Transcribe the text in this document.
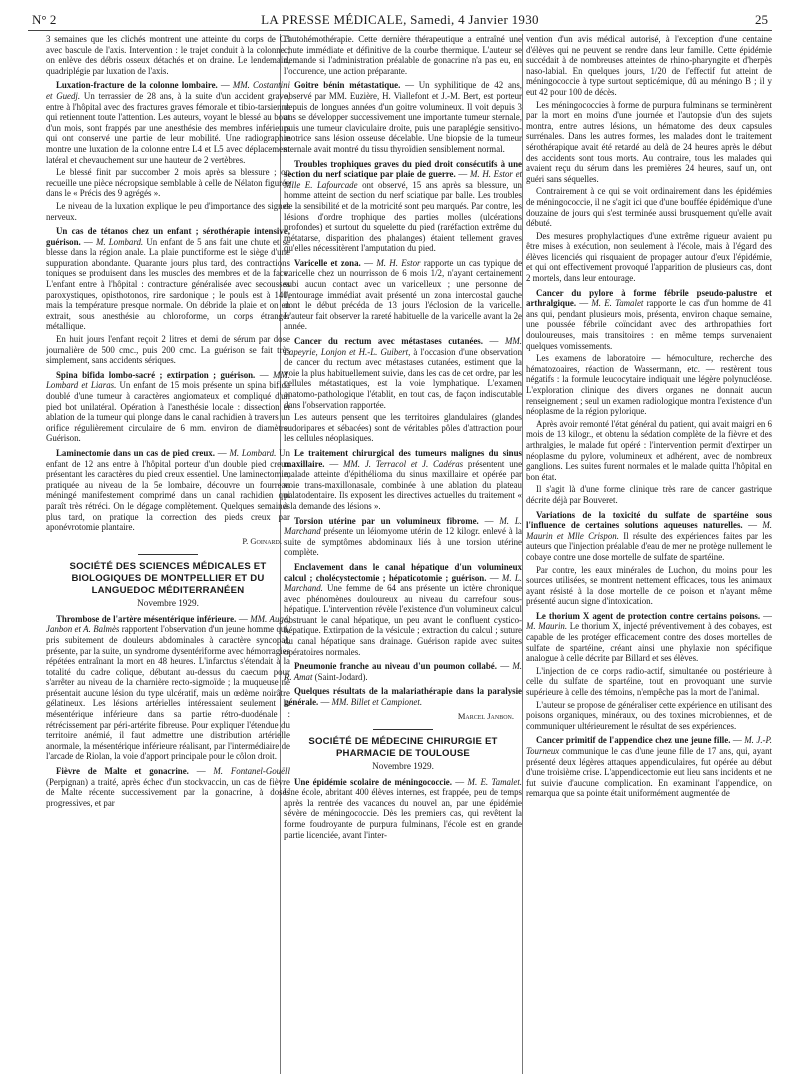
N° 2	LA PRESSE MÉDICALE, Samedi, 4 Janvier 1930	25

3 semaines que les clichés montrent une atteinte du corps de C3 avec bascule de l'axis. Intervention : le trajet conduit à la colonne ; on enlève des débris osseux détachés et on draine. Le lendemain, quadriplégie par luxation de l'axis.

Luxation-fracture de la colonne lombaire. — MM. Costantini et Guedj. Un terrassier de 28 ans, à la suite d'un accident grave, entre à l'hôpital avec des fractures graves fémorale et tibio-tarsienne qui retiennent toute l'attention. Les auteurs, voyant le blessé au bout d'un mois, sont frappés par une anesthésie des membres inférieurs qui ont conservé une partie de leur mobilité. Une radiographie montre une luxation de la colonne entre L4 et L5 avec déplacement latéral et chevauchement sur une hauteur de 2 vertèbres.

Le blessé finit par succomber 2 mois après sa blessure ; on recueille une pièce nécropsique semblable à celle de Nélaton figurée dans le « Précis des 9 agrégés ».

Le niveau de la luxation explique le peu d'importance des signes nerveux.

Un cas de tétanos chez un enfant ; sérothérapie intensive, guérison. — M. Lombard. Un enfant de 5 ans fait une chute et se blesse dans la région anale. La plaie punctiforme est le siège d'une suppuration abondante. Quarante jours plus tard, des contractions toniques se produisent dans les muscles des membres et de la face. L'enfant entre à l'hôpital : contracture généralisée avec secousses paroxystiques, opisthotonos, rire sardonique ; le pouls est à 140, mais la température presque normale. On débride la plaie et on en extrait, sous anesthésie au chloroforme, un corps étranger métallique.

En huit jours l'enfant reçoit 2 litres et demi de sérum par dose journalière de 500 cmc., puis 200 cmc. La guérison se fait très simplement, sans accidents sériques.

Spina bifida lombo-sacré ; extirpation ; guérison. — MM. Lombard et Liaras. Un enfant de 15 mois présente un spina bifida doublé d'une tumeur à caractères angiomateux et compliqué d'un pied bot unilatéral. Opération à l'anesthésie locale : dissection et ablation de la tumeur qui plonge dans le canal rachidien à travers un orifice régulièrement circulaire de 6 mm. environ de diamètre. Guérison.

Laminectomie dans un cas de pied creux. — M. Lombard. Un enfant de 12 ans entre à l'hôpital porteur d'un double pied creux présentant les caractères du pied creux essentiel. Une laminectomie, pratiquée au niveau de la 5e lombaire, découvre un fourreau méningé manifestement comprimé dans un canal rachidien qui paraît très rétréci. On le dégage complètement. Quelques semaines plus tard, on pratique la correction des pieds creux par aponévrotomie plantaire.

P. Goinard.
SOCIÉTÉ DES SCIENCES MÉDICALES ET BIOLOGIQUES DE MONTPELLIER ET DU LANGUEDOC MÉDITERRANÉEN
Novembre 1929.

Thrombose de l'artère mésentérique inférieure. — MM. Augé, Janbon et A. Balmès rapportent l'observation d'un jeune homme qui, pris subitement de douleurs abdominales à caractère syncopal, présente, par la suite, un syndrome dysentériforme avec hémorragies répétées entraînant la mort en 48 heures. L'infarctus s'étendait à la totalité du cadre colique, débutant au-dessus du caecum pour s'arrêter au niveau de la charnière recto-sigmoïde ; la muqueuse ne présentait aucune lésion du type ulcératif, mais un œdème noirâtre gélatineux. Les lésions artérielles intéressaient seulement la mésentérique inférieure dans sa partie rétro-duodénale : rétrécissement par péri-artérite fibreuse. Pour expliquer l'étendue du territoire anémié, il faut admettre une distribution artérielle anormale, la mésentérique inférieure réalisant, par l'intermédiaire de l'arcade de Riolan, la voie d'apport principale pour le côlon droit.

Fièvre de Malte et gonacrine. — M. Fontanel-Gouëll (Perpignan) a traité, après échec d'un stockvaccin, un cas de fièvre de Malte récente successivement par la gonacrine, à doses progressives, et par

l'autohémothérapie. Cette dernière thérapeutique a entraîné une chute immédiate et définitive de la courbe thermique. L'auteur se demande si l'administration préalable de gonacrine n'a pas eu, en l'occurence, une action préparante.

Goitre bénin métastatique. — Un syphilitique de 42 ans, observé par MM. Euzière, H. Viallefont et J.-M. Bert, est porteur depuis de longues années d'un goitre volumineux. Il voit depuis 3 ans se développer successivement une importante tumeur sternale, puis une tumeur claviculaire droite, puis une paraplégie sensitivo-motrice sans lésion osseuse décelable. Une biopsie de la tumeur sternale avait montré du tissu thyroïdien sensiblement normal.

Troubles trophiques graves du pied droit consécutifs à une section du nerf sciatique par plaie de guerre. — M. H. Estor et Mlle E. Lafourcade ont observé, 15 ans après sa blessure, un homme atteint de section du nerf sciatique par balle. Les troubles de la sensibilité et de la motricité sont peu marqués. Par contre, les lésions d'ordre trophique des parties molles (ulcérations profondes) et surtout du squelette du pied (raréfaction extrême du métatarse, disparition des phalanges) étaient tellement graves qu'elles nécessitèrent l'amputation du pied.

Varicelle et zona. — M. H. Estor rapporte un cas typique de varicelle chez un nourrisson de 6 mois 1/2, n'ayant certainement subi aucun contact avec un varicelleux ; une personne de l'entourage immédiat avait présenté un zona intercostal gauche dont le début précéda de 13 jours l'éclosion de la varicelle. L'auteur fait observer la rareté habituelle de la varicelle avant la 2e année.

Cancer du rectum avec métastases cutanées. — MM. Lapeyrie, Lonjon et H.-L. Guibert, à l'occasion d'une observation de cancer du rectum avec métastases cutanées, estiment que la voie la plus habituellement suivie, dans les cas de cet ordre, par les cellules métastatiques, est la voie lymphatique. L'examen anatomo-pathologique l'établit, en tout cas, de façon indiscutable dans l'observation rapportée.

Les auteurs pensent que les territoires glandulaires (glandes sudoripares et sébacées) sont de véritables pôles d'attraction pour les cellules néoplasiques.

Le traitement chirurgical des tumeurs malignes du sinus maxillaire. — MM. J. Terracol et J. Cadéras présentent une malade atteinte d'épithélioma du sinus maxillaire et opérée par voie trans-maxillonasale, combinée à une ablation du plateau palatodentaire. Ils exposent les directives actuelles du traitement « à la demande des lésions ».

Torsion utérine par un volumineux fibrome. — M. L. Marchand présente un léiomyome utérin de 12 kilogr. enlevé à la suite de symptômes abdominaux liés à une torsion utérine complète.

Enclavement dans le canal hépatique d'un volumineux calcul ; cholécystectomie ; hépaticotomie ; guérison. — M. L. Marchand. Une femme de 64 ans présente un ictère chronique avec phénomènes douloureux au niveau du carrefour sous-hépatique. L'intervention révèle l'existence d'un volumineux calcul obstruant le canal hépatique, un peu avant le confluent cystico-hépatique. Extirpation de la vésicule ; extraction du calcul ; suture du canal hépatique sans drainage. Guérison rapide avec suites opératoires normales.

Pneumonie franche au niveau d'un poumon collabé. — M. R. Amat (Saint-Jodard).

Quelques résultats de la malariathérapie dans la paralysie générale. — MM. Billet et Campionet.

Marcel Janbon.
SOCIÉTÉ DE MÉDECINE CHIRURGIE ET PHARMACIE DE TOULOUSE
Novembre 1929.

Une épidémie scolaire de méningococcie. — M. E. Tamalet. Une école, abritant 400 élèves internes, est frappée, peu de temps après la rentrée des vacances du nouvel an, par une épidémie sévère de méningococcie. Dès les premiers cas, qui revêtent la forme foudroyante de purpura fulminans, l'école est en grande partie licenciée, avant l'inter-

vention d'un avis médical autorisé, à l'exception d'une centaine d'élèves qui ne peuvent se rendre dans leur famille. Cette épidémie succédait à de nombreuses atteintes de rhino-pharyngite et d'herpès naso-labial. En quelques jours, 1/20 de l'effectif fut atteint de méningococcie à type surtout septicémique, dû au méningo B ; il y eut 42 pour 100 de décès.

Les méningococcies à forme de purpura fulminans se terminèrent par la mort en moins d'une journée et l'autopsie d'un des sujets montra, entre autres lésions, un hématome des deux capsules surrénales. Dans les autres formes, les malades dont le traitement sérothérapique avait été retardé au delà de 24 heures après le début des accidents sont tous morts. Au contraire, tous les malades qui avaient reçu du sérum dans les premières 24 heures, sauf un, ont guéri sans séquelles.

Contrairement à ce qui se voit ordinairement dans les épidémies de méningococcie, il ne s'agit ici que d'une bouffée épidémique d'une douzaine de jours qui s'est terminée aussi brusquement qu'elle avait débuté.

Des mesures prophylactiques d'une extrême rigueur avaient pu être mises à exécution, non seulement à l'école, mais à l'égard des élèves licenciés qui risquaient de propager autour d'eux l'épidémie, et qui ont effectivement provoqué l'apparition de plusieurs cas, dont 2 mortels, dans leur entourage.

Cancer du pylore à forme fébrile pseudo-palustre et arthralgique. — M. E. Tamalet rapporte le cas d'un homme de 41 ans qui, pendant plusieurs mois, présenta, environ chaque semaine, une poussée fébrile coïncidant avec des arthropathies fort douloureuses, mais transitoires : en même temps survenaient quelques vomissements.

Les examens de laboratoire — hémoculture, recherche des hématozoaires, réaction de Wassermann, etc. — restèrent tous négatifs : la formule leucocytaire indiquait une légère polynucléose. L'exploration clinique des divers organes ne donnait aucun renseignement ; seul un examen radiologique montra l'existence d'un néoplasme de la région pylorique.

Après avoir remonté l'état général du patient, qui avait maigri en 6 mois de 13 kilogr., et obtenu la sédation complète de la fièvre et des arthralgies, le malade fut opéré : l'intervention permit d'extirper un néoplasme du pylore, volumineux et adhérent, avec de nombreux ganglions. Les suites furent normales et le malade quitta l'hôpital en bon état.

Il s'agit là d'une forme clinique très rare de cancer gastrique décrite déjà par Bouveret.

Variations de la toxicité du sulfate de spartéine sous l'influence de certaines solutions aqueuses naturelles. — M. Maurin et Mlle Crispon. Il résulte des expériences faites par les auteurs que l'injection préalable d'eau de mer ne protège nullement le cobaye contre une dose mortelle de sulfate de spartéine.

Par contre, les eaux minérales de Luchon, du moins pour les sources utilisées, se montrent nettement efficaces, tous les animaux ayant résisté à la dose mortelle de ce poison et n'ayant même présenté aucun signe d'intoxication.

Le thorium X agent de protection contre certains poisons. — M. Maurin. Le thorium X, injecté préventivement à des cobayes, est capable de les protéger efficacement contre des doses mortelles de sulfate de spartéine, créant ainsi une phylaxie non spécifique analogue à celle décrite par Billard et ses élèves.

L'injection de ce corps radio-actif, simultanée ou postérieure à celle du sulfate de spartéine, tout en provoquant une survie supérieure à celle des témoins, n'empêche pas la mort de l'animal.

L'auteur se propose de généraliser cette expérience en utilisant des poisons organiques, minéraux, ou des toxines microbiennes, et de communiquer ultérieurement le résultat de ses expériences.

Cancer primitif de l'appendice chez une jeune fille. — M. J.-P. Tourneux communique le cas d'une jeune fille de 17 ans, qui, ayant présenté deux légères attaques appendiculaires, fut opérée au début d'une troisième crise. L'appendicectomie eut lieu sans incidents et ne fut suivie d'aucune complication. En examinant l'appendice, on remarqua que sa pointe était uniformément augmentée de
